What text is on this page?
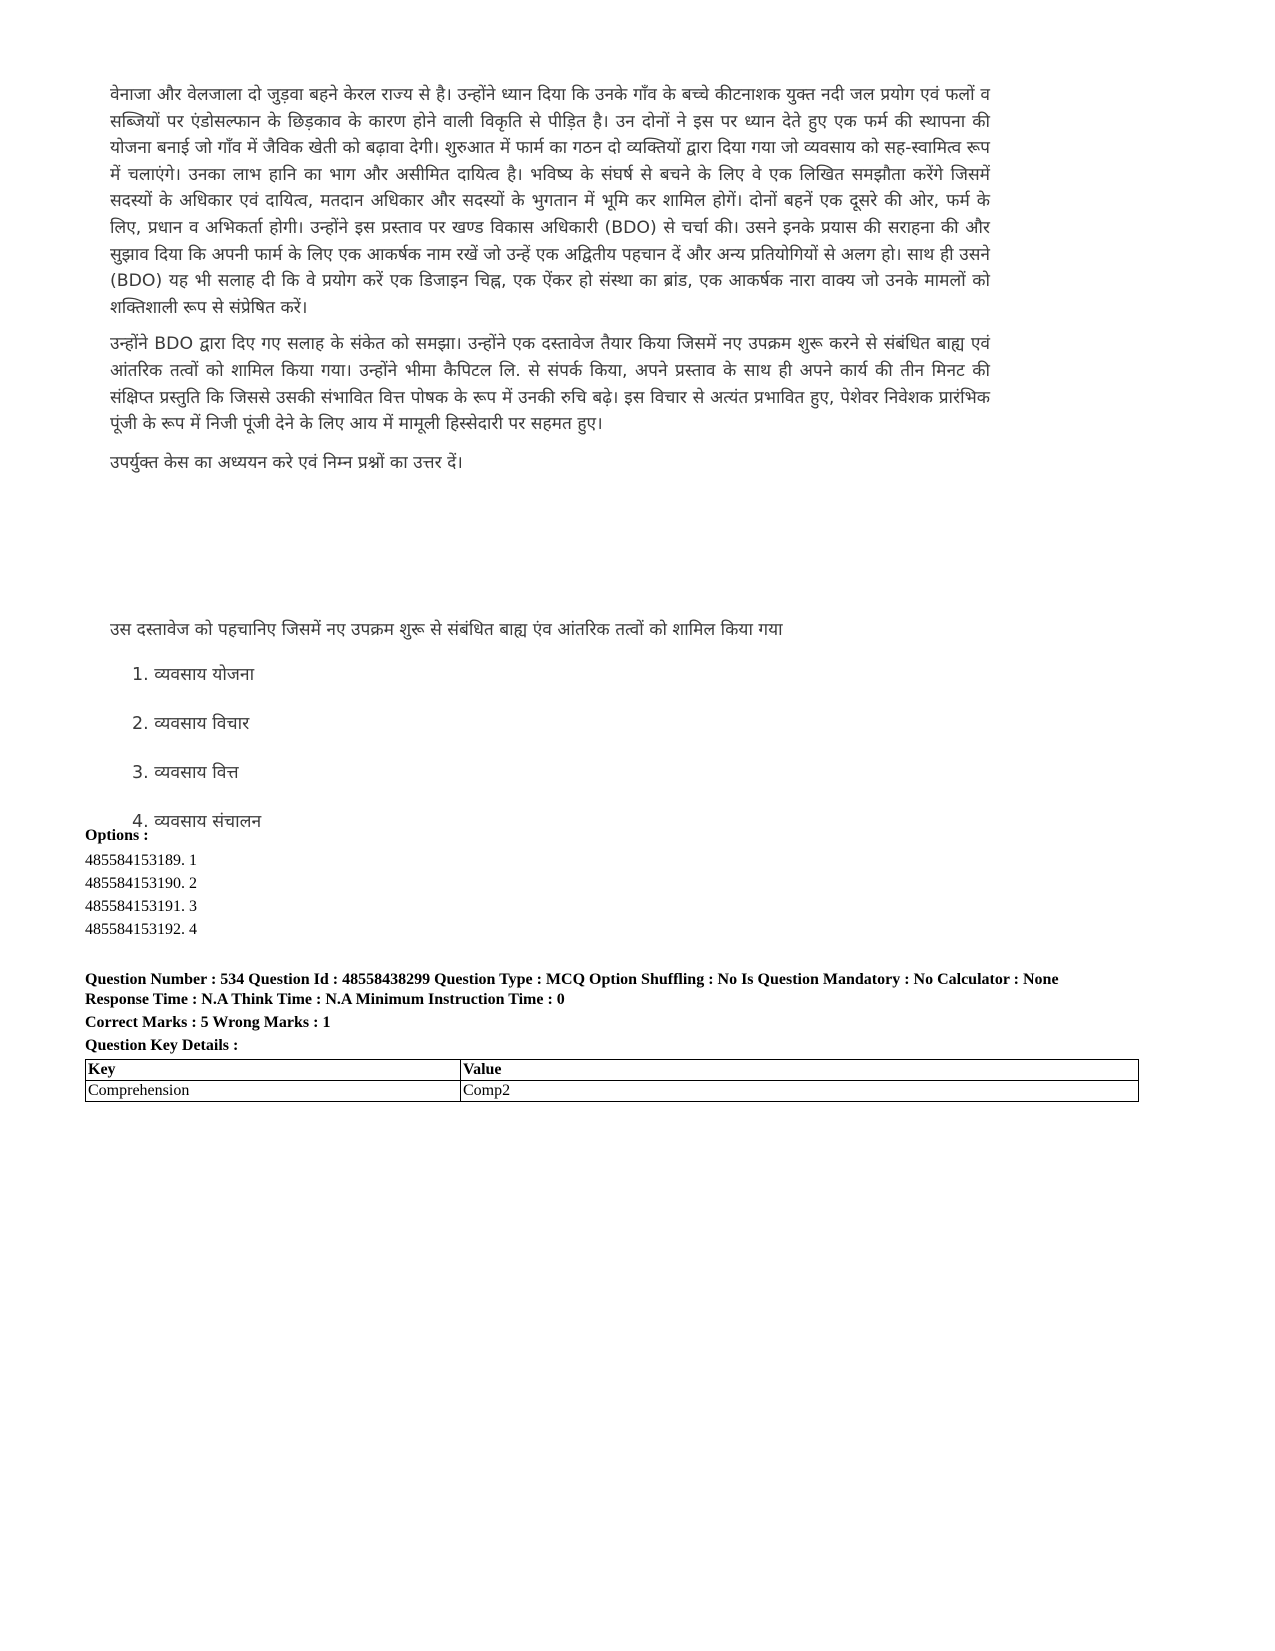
वेनाजा और वेलजाला दो जुड़वा बहने केरल राज्य से है। उन्होंने ध्यान दिया कि उनके गाँव के बच्चे कीटनाशक युक्त नदी जल प्रयोग एवं फलों व सब्जियों पर एंडोसल्फान के छिड़काव के कारण होने वाली विकृति से पीड़ित है। उन दोनों ने इस पर ध्यान देते हुए एक फर्म की स्थापना की योजना बनाई जो गाँव में जैविक खेती को बढ़ावा देगी। शुरुआत में फार्म का गठन दो व्यक्तियों द्वारा दिया गया जो व्यवसाय को सह-स्वामित्व रूप में चलाएंगे। उनका लाभ हानि का भाग और असीमित दायित्व है। भविष्य के संघर्ष से बचने के लिए वे एक लिखित समझौता करेंगे जिसमें सदस्यों के अधिकार एवं दायित्व, मतदान अधिकार और सदस्यों के भुगतान में भूमि कर शामिल होगें। दोनों बहनें एक दूसरे की ओर, फर्म के लिए, प्रधान व अभिकर्ता होगी। उन्होंने इस प्रस्ताव पर खण्ड विकास अधिकारी (BDO) से चर्चा की। उसने इनके प्रयास की सराहना की और सुझाव दिया कि अपनी फार्म के लिए एक आकर्षक नाम रखें जो उन्हें एक अद्वितीय पहचान दें और अन्य प्रतियोगियों से अलग हो। साथ ही उसने (BDO) यह भी सलाह दी कि वे प्रयोग करें एक डिजाइन चिह्न, एक ऐंकर हो संस्था का ब्रांड, एक आकर्षक नारा वाक्य जो उनके मामलों को शक्तिशाली रूप से संप्रेषित करें।

उन्होंने BDO द्वारा दिए गए सलाह के संकेत को समझा। उन्होंने एक दस्तावेज तैयार किया जिसमें नए उपक्रम शुरू करने से संबंधित बाह्य एवं आंतरिक तत्वों को शामिल किया गया। उन्होंने भीमा कैपिटल लि. से संपर्क किया, अपने प्रस्ताव के साथ ही अपने कार्य की तीन मिनट की संक्षिप्त प्रस्तुति कि जिससे उसकी संभावित वित्त पोषक के रूप में उनकी रुचि बढ़े। इस विचार से अत्यंत प्रभावित हुए, पेशेवर निवेशक प्रारंभिक पूंजी के रूप में निजी पूंजी देने के लिए आय में मामूली हिस्सेदारी पर सहमत हुए।

उपर्युक्त केस का अध्ययन करे एवं निम्न प्रश्नों का उत्तर दें।

उस दस्तावेज को पहचानिए जिसमें नए उपक्रम शुरू से संबंधित बाह्य एंव आंतरिक तत्वों को शामिल किया गया
1. व्यवसाय योजना
2. व्यवसाय विचार
3. व्यवसाय वित्त
4. व्यवसाय संचालन
Options :
485584153189. 1
485584153190. 2
485584153191. 3
485584153192. 4
Question Number : 534 Question Id : 48558438299 Question Type : MCQ Option Shuffling : No Is Question Mandatory : No Calculator : None
Response Time : N.A Think Time : N.A Minimum Instruction Time : 0
Correct Marks : 5 Wrong Marks : 1
Question Key Details :
Key	Value
Comprehension	Comp2
